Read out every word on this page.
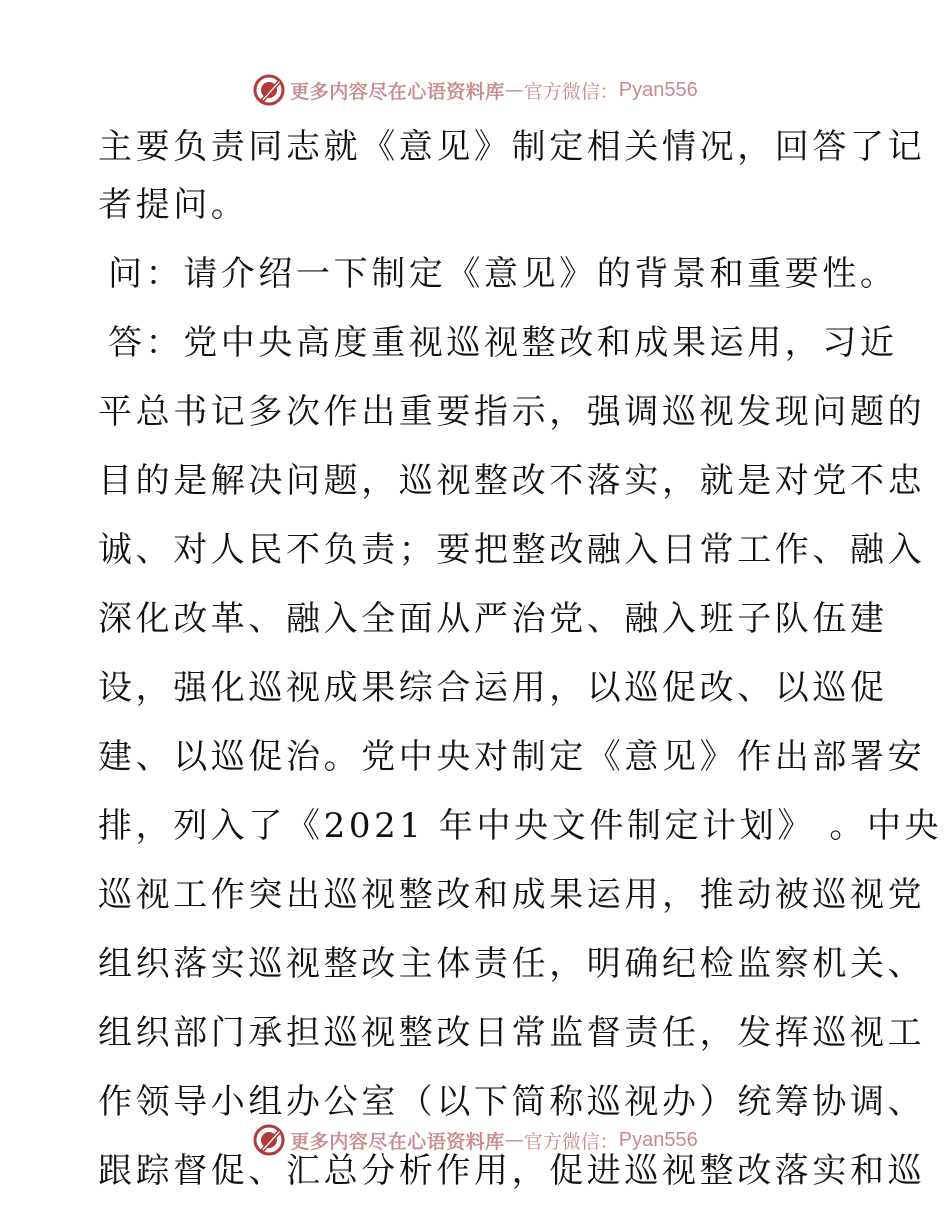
更多内容尽在心语资料库 — 官方微信： Pyan556
主要负责同志就《意见》制定相关情况，回答了记
者提问。
问：请介绍一下制定《意见》的背景和重要性。
答：党中央高度重视巡视整改和成果运用，习近
平总书记多次作出重要指示，强调巡视发现问题的
目的是解决问题，巡视整改不落实，就是对党不忠
诚、对人民不负责；要把整改融入日常工作、融入
深化改革、融入全面从严治党、融入班子队伍建
设，强化巡视成果综合运用，以巡促改、以巡促
建、以巡促治。党中央对制定《意见》作出部署安
排，列入了《2021 年中央文件制定计划》 。中央
巡视工作突出巡视整改和成果运用，推动被巡视党
组织落实巡视整改主体责任，明确纪检监察机关、
组织部门承担巡视整改日常监督责任，发挥巡视工
作领导小组办公室（以下简称巡视办）统筹协调、
跟踪督促、汇总分析作用，促进巡视整改落实和巡
更多内容尽在心语资料库 — 官方微信： Pyan556
